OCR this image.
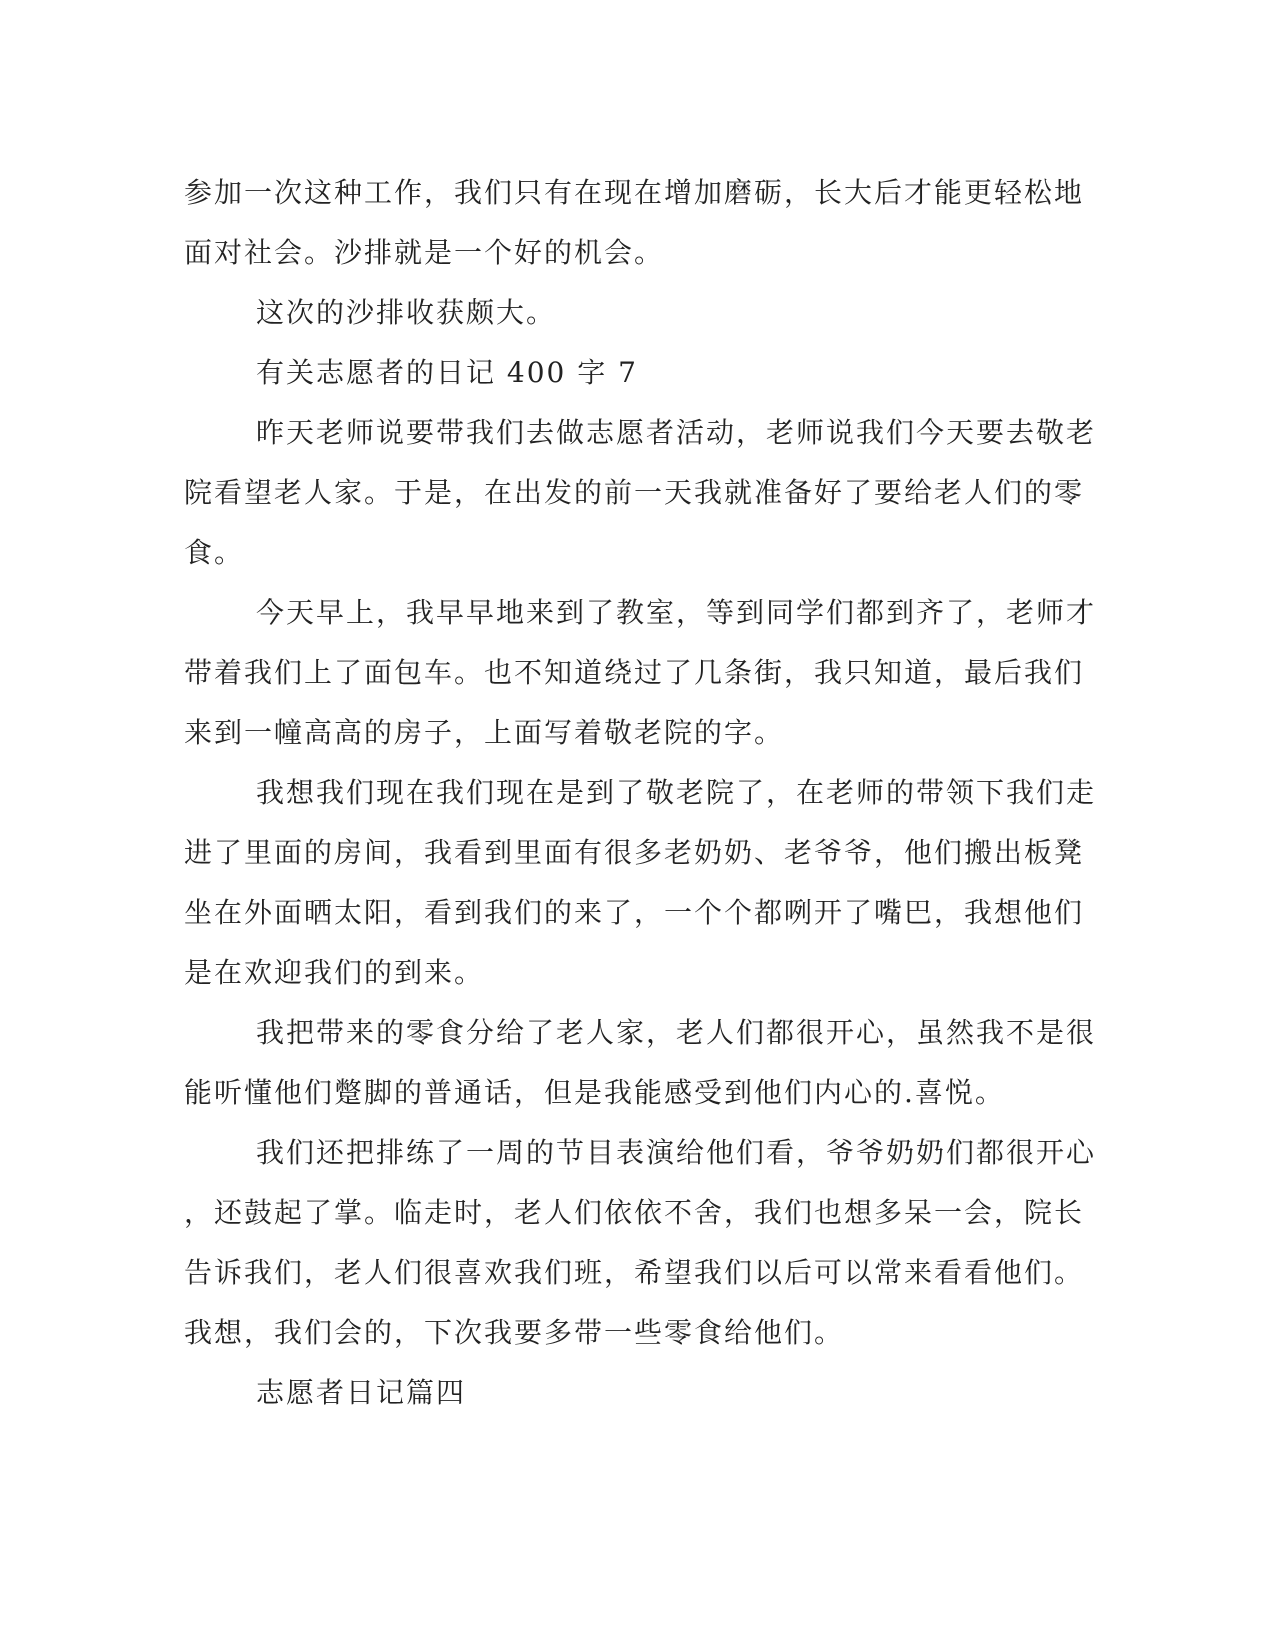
参加一次这种工作，我们只有在现在增加磨砺，长大后才能更轻松地
面对社会。沙排就是一个好的机会。
这次的沙排收获颇大。
有关志愿者的日记 400 字 7
昨天老师说要带我们去做志愿者活动，老师说我们今天要去敬老
院看望老人家。于是，在出发的前一天我就准备好了要给老人们的零
食。
今天早上，我早早地来到了教室，等到同学们都到齐了，老师才
带着我们上了面包车。也不知道绕过了几条街，我只知道，最后我们
来到一幢高高的房子，上面写着敬老院的字。
我想我们现在我们现在是到了敬老院了，在老师的带领下我们走
进了里面的房间，我看到里面有很多老奶奶、老爷爷，他们搬出板凳
坐在外面晒太阳，看到我们的来了，一个个都咧开了嘴巴，我想他们
是在欢迎我们的到来。
我把带来的零食分给了老人家，老人们都很开心，虽然我不是很
能听懂他们蹩脚的普通话，但是我能感受到他们内心的.喜悦。
我们还把排练了一周的节目表演给他们看，爷爷奶奶们都很开心
，还鼓起了掌。临走时，老人们依依不舍，我们也想多呆一会，院长
告诉我们，老人们很喜欢我们班，希望我们以后可以常来看看他们。
我想，我们会的，下次我要多带一些零食给他们。
志愿者日记篇四
